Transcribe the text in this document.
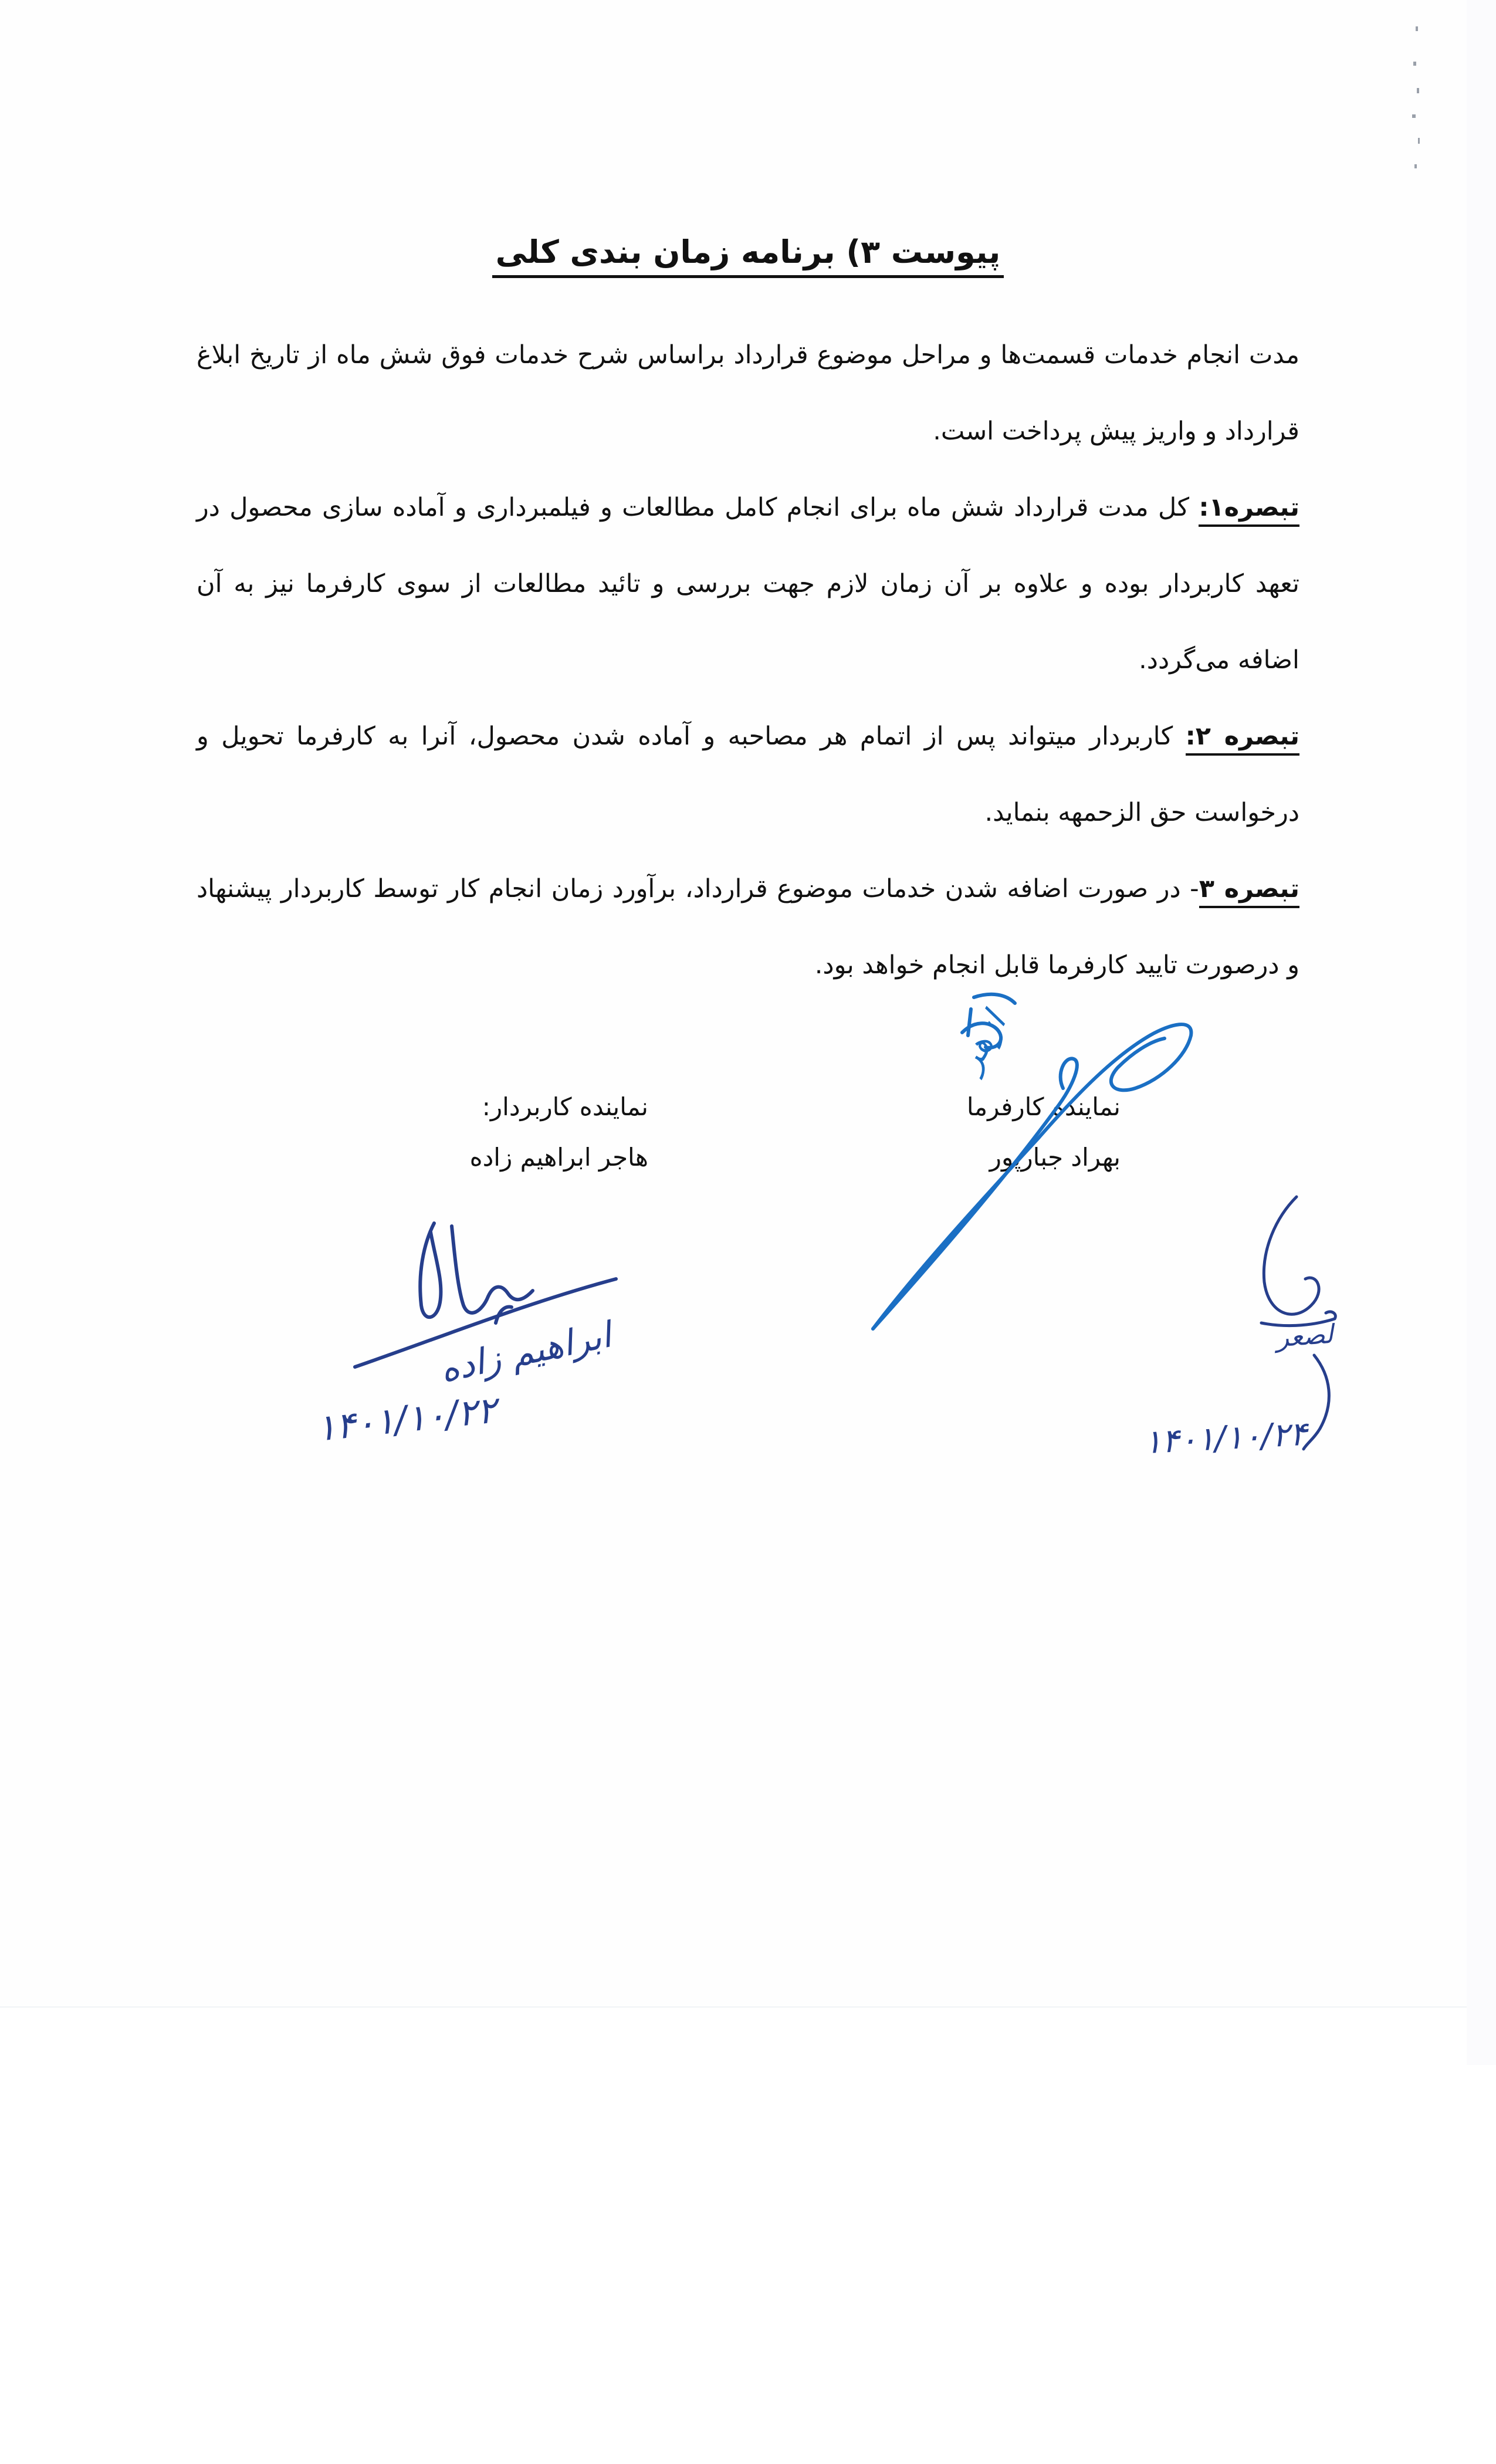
پیوست ۳) برنامه زمان بندی کلی

مدت انجام خدمات قسمت‌ها و مراحل موضوع قرارداد براساس شرح خدمات فوق شش ماه از تاریخ ابلاغ قرارداد و واریز پیش پرداخت است.

تبصره۱: کل مدت قرارداد شش ماه برای انجام کامل مطالعات و فیلمبرداری و آماده سازی محصول در تعهد کاربردار بوده و علاوه بر آن زمان لازم جهت بررسی و تائید مطالعات از سوی کارفرما نیز به آن اضافه می‌گردد.

تبصره ۲: کاربردار میتواند پس از اتمام هر مصاحبه و آماده شدن محصول، آنرا به کارفرما تحویل و درخواست حق الزحمهه بنماید.

تبصره ۳- در صورت اضافه شدن خدمات موضوع قرارداد، برآورد زمان انجام کار توسط کاربردار پیشنهاد و درصورت تایید کارفرما قابل انجام خواهد بود.

نماینده کارفرما
بهراد جبارپور
نماینده کاربردار:
هاجر ابراهیم زاده
ابراهیم زاده
۱۴۰۱/۱۰/۲۲	۱۴۰۱/۱۰/۲۴
ازهر
لصعر
